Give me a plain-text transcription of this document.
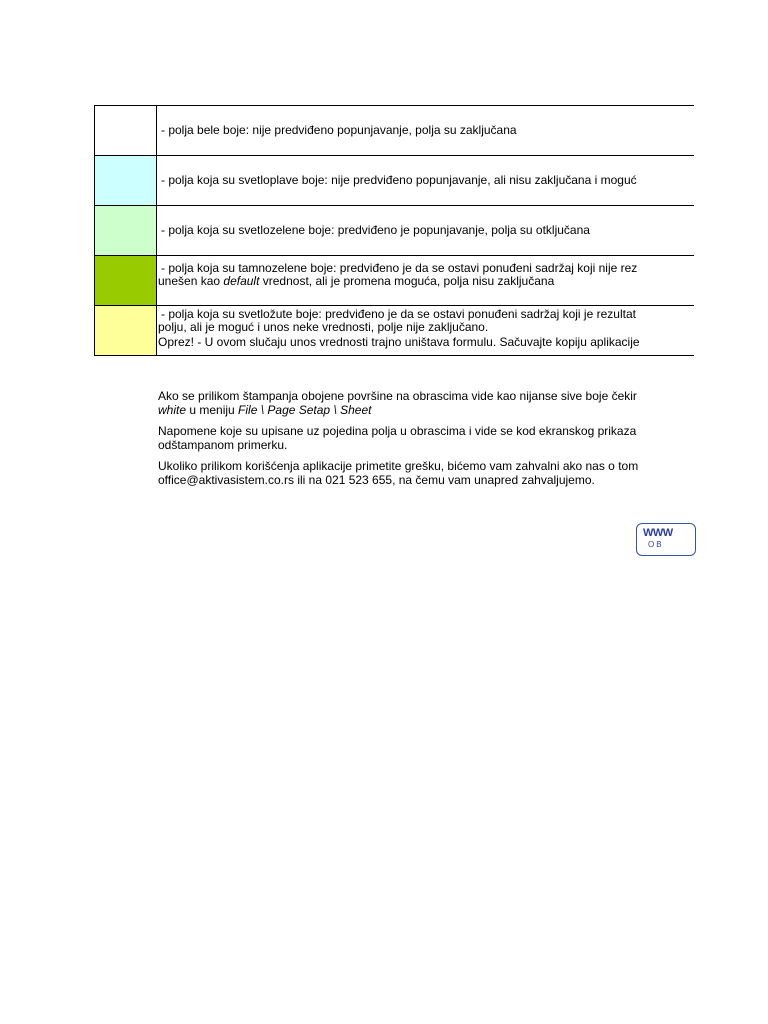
- polja bele boje: nije predviđeno popunjavanje, polja su zaključana
- polja koja su svetloplave boje: nije predviđeno popunjavanje, ali nisu zaključana i moguć
- polja koja su svetlozelene boje: predviđeno je popunjavanje, polja su otključana
- polja koja su tamnozelene boje: predviđeno je da se ostavi ponuđeni sadržaj koji nije rez
unešen kao default vrednost, ali je promena moguća, polja nisu zaključana
- polja koja su svetložute boje: predviđeno je da se ostavi ponuđeni sadržaj koji je rezultat
polju, ali je moguć i unos neke vrednosti, polje nije zaključano.
Oprez! - U ovom slučaju unos vrednosti trajno uništava formulu. Sačuvajte kopiju aplikacije

Ako se prilikom štampanja obojene površine na obrascima vide kao nijanse sive boje čekir
white u meniju File \ Page Setap \ Sheet

Napomene koje su upisane uz pojedina polja u obrascima i vide se kod ekranskog prikaza
odštampanom primerku.

Ukoliko prilikom korišćenja aplikacije primetite grešku, bićemo vam zahvalni ako nas o tom
office@aktivasistem.co.rs ili na 021 523 655, na čemu vam unapred zahvaljujemo.

WWW
OB
